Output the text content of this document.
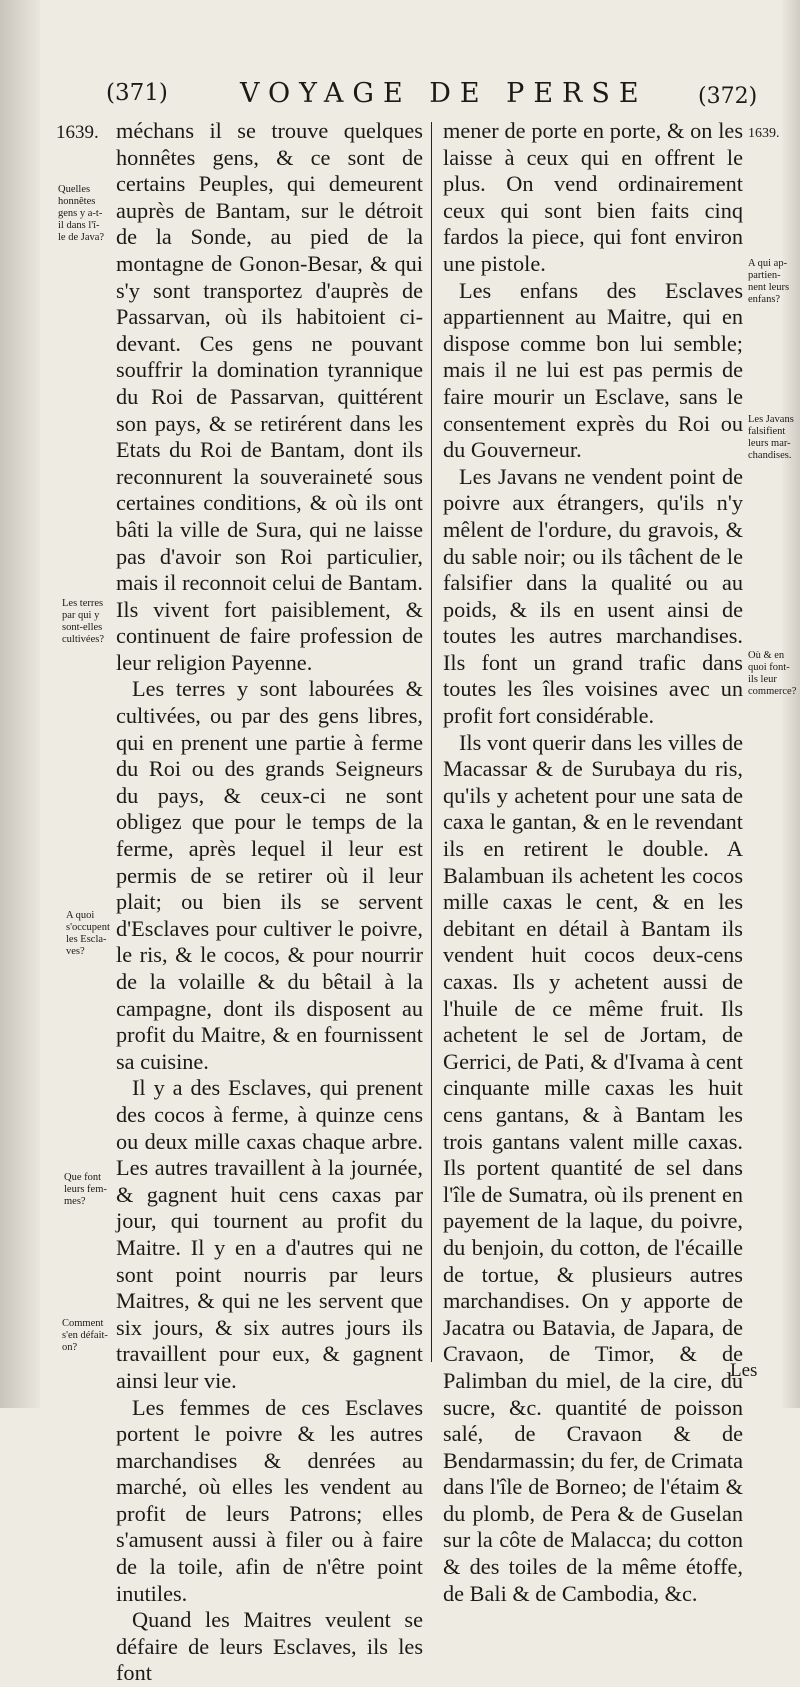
(371)	VOYAGE DE PERSE (372)
1639.	1639.
Quelles
honnêtes
gens y a-t-
il dans l'î-
le de Java?
Les terres
par qui y
sont-elles
cultivées?
A quoi
s'occupent
les Escla-
ves?
Que font
leurs fem-
mes?
Comment
s'en défait-
on?
A qui ap-
partien-
nent leurs
enfans?
Les Javans
falsifient
leurs mar-
chandises.
Où & en
quoi font-
ils leur
commerce?

méchans il se trouve quelques honnêtes gens, & ce sont de certains Peuples, qui demeurent auprès de Bantam, sur le détroit de la Sonde, au pied de la montagne de Gonon-Besar, & qui s'y sont transportez d'auprès de Passarvan, où ils habitoient ci-devant. Ces gens ne pouvant souffrir la domination tyrannique du Roi de Passarvan, quittérent son pays, & se retirérent dans les Etats du Roi de Bantam, dont ils reconnurent la souveraineté sous certaines conditions, & où ils ont bâti la ville de Sura, qui ne laisse pas d'avoir son Roi particulier, mais il reconnoit celui de Bantam. Ils vivent fort paisiblement, & continuent de faire profession de leur religion Payenne.

Les terres y sont labourées & cultivées, ou par des gens libres, qui en prenent une partie à ferme du Roi ou des grands Seigneurs du pays, & ceux-ci ne sont obligez que pour le temps de la ferme, après lequel il leur est permis de se retirer où il leur plait; ou bien ils se servent d'Esclaves pour cultiver le poivre, le ris, & le cocos, & pour nourrir de la volaille & du bêtail à la campagne, dont ils disposent au profit du Maitre, & en fournissent sa cuisine.

Il y a des Esclaves, qui prenent des cocos à ferme, à quinze cens ou deux mille caxas chaque arbre. Les autres travaillent à la journée, & gagnent huit cens caxas par jour, qui tournent au profit du Maitre. Il y en a d'autres qui ne sont point nourris par leurs Maitres, & qui ne les servent que six jours, & six autres jours ils travaillent pour eux, & gagnent ainsi leur vie.

Les femmes de ces Esclaves portent le poivre & les autres marchandises & denrées au marché, où elles les vendent au profit de leurs Patrons; elles s'amusent aussi à filer ou à faire de la toile, afin de n'être point inutiles.

Quand les Maitres veulent se défaire de leurs Esclaves, ils les font

mener de porte en porte, & on les laisse à ceux qui en offrent le plus. On vend ordinairement ceux qui sont bien faits cinq fardos la piece, qui font environ une pistole.

Les enfans des Esclaves appartiennent au Maitre, qui en dispose comme bon lui semble; mais il ne lui est pas permis de faire mourir un Esclave, sans le consentement exprès du Roi ou du Gouverneur.

Les Javans ne vendent point de poivre aux étrangers, qu'ils n'y mêlent de l'ordure, du gravois, & du sable noir; ou ils tâchent de le falsifier dans la qualité ou au poids, & ils en usent ainsi de toutes les autres marchandises. Ils font un grand trafic dans toutes les îles voisines avec un profit fort considérable.

Ils vont querir dans les villes de Macassar & de Surubaya du ris, qu'ils y achetent pour une sata de caxa le gantan, & en le revendant ils en retirent le double. A Balambuan ils achetent les cocos mille caxas le cent, & en les debitant en détail à Bantam ils vendent huit cocos deux-cens caxas. Ils y achetent aussi de l'huile de ce même fruit. Ils achetent le sel de Jortam, de Gerrici, de Pati, & d'Ivama à cent cinquante mille caxas les huit cens gantans, & à Bantam les trois gantans valent mille caxas. Ils portent quantité de sel dans l'île de Sumatra, où ils prenent en payement de la laque, du poivre, du benjoin, du cotton, de l'écaille de tortue, & plusieurs autres marchandises. On y apporte de Jacatra ou Batavia, de Japara, de Cravaon, de Timor, & de Palimban du miel, de la cire, du sucre, &c. quantité de poisson salé, de Cravaon & de Bendarmassin; du fer, de Crimata dans l'île de Borneo; de l'étaim & du plomb, de Pera & de Guselan sur la côte de Malacca; du cotton & des toiles de la même étoffe, de Bali & de Cambodia, &c.

Les
